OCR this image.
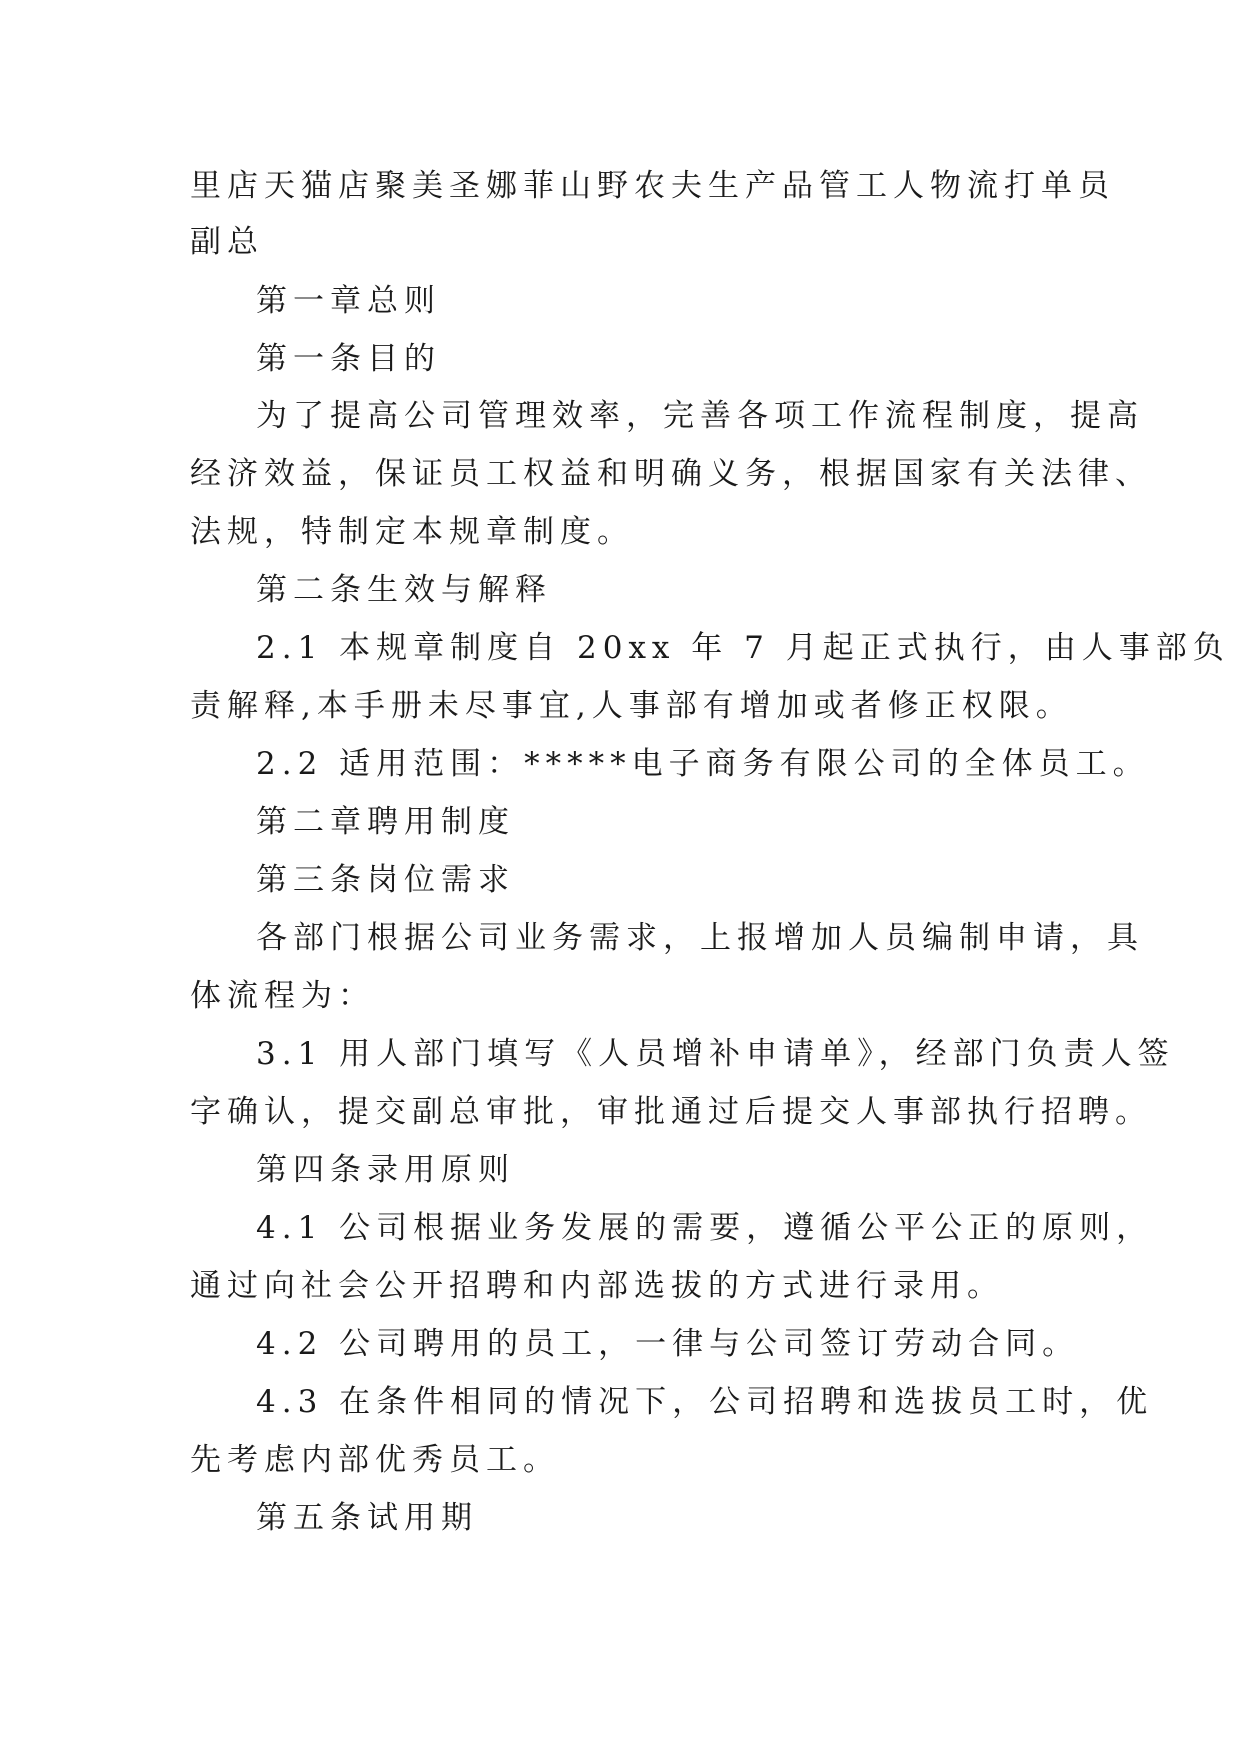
里店天猫店聚美圣娜菲山野农夫生产品管工人物流打单员
副总
第一章总则
第一条目的
为了提高公司管理效率，完善各项工作流程制度，提高
经济效益，保证员工权益和明确义务，根据国家有关法律、
法规，特制定本规章制度。
第二条生效与解释
2.1 本规章制度自 20xx 年 7 月起正式执行，由人事部负
责解释,本手册未尽事宜,人事部有增加或者修正权限。
2.2 适用范围：*****电子商务有限公司的全体员工。
第二章聘用制度
第三条岗位需求
各部门根据公司业务需求，上报增加人员编制申请，具
体流程为：
3.1 用人部门填写《人员增补申请单》，经部门负责人签
字确认，提交副总审批，审批通过后提交人事部执行招聘。
第四条录用原则
4.1 公司根据业务发展的需要，遵循公平公正的原则，
通过向社会公开招聘和内部选拔的方式进行录用。
4.2 公司聘用的员工，一律与公司签订劳动合同。
4.3 在条件相同的情况下，公司招聘和选拔员工时，优
先考虑内部优秀员工。
第五条试用期
